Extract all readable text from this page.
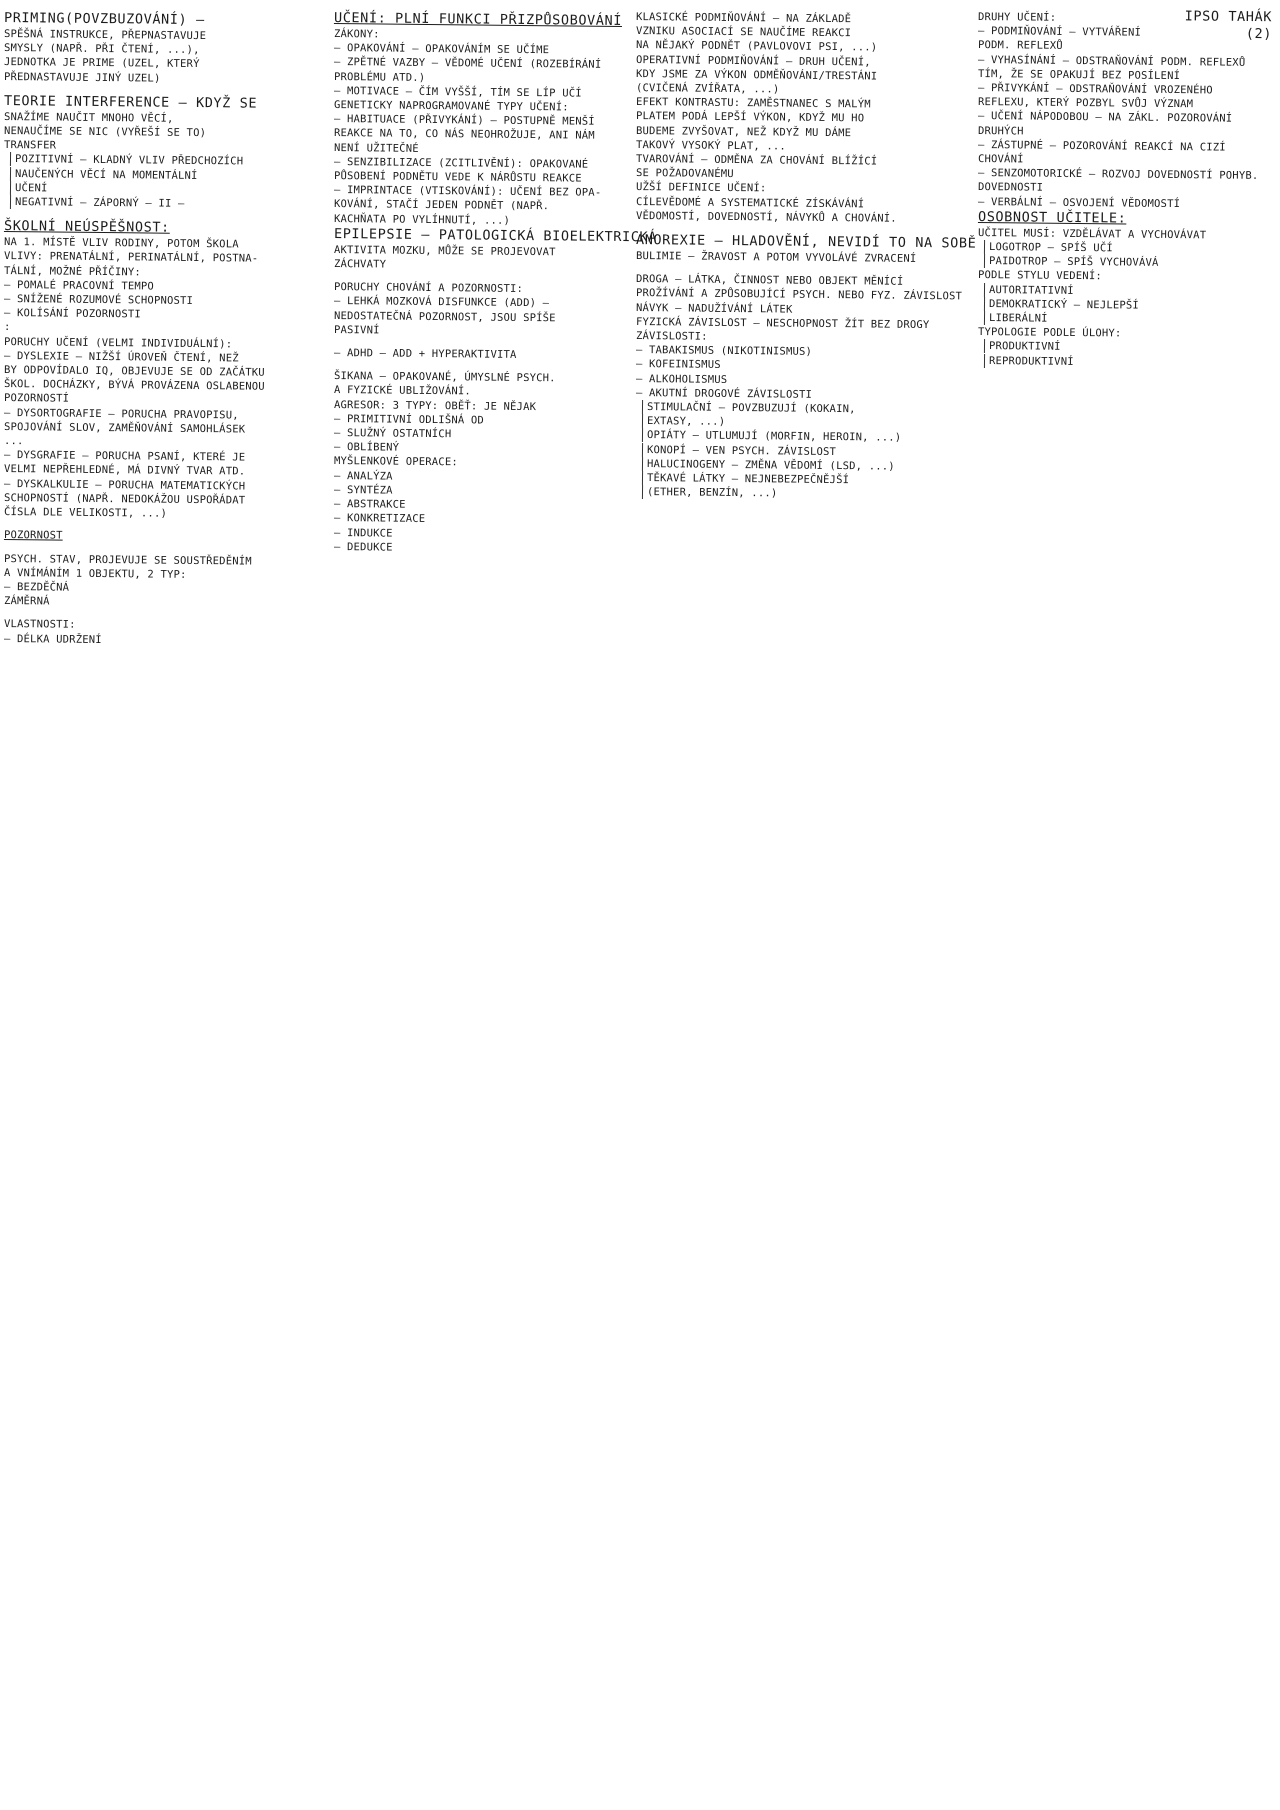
PRIMING(POVZBUZOVÁNÍ) –
SPĚŠNÁ INSTRUKCE, PŘEPNASTAVUJE
SMYSLY (NAPŘ. PŘI ČTENÍ, ...),
JEDNOTKA JE PRIME (UZEL, KTERÝ
PŘEDNASTAVUJE JINÝ UZEL)
TEORIE INTERFERENCE – KDYŽ SE
SNAŽÍME NAUČIT MNOHO VĚCÍ,
NENAUČÍME SE NIC (VYŘEŠÍ SE TO)
TRANSFER
POZITIVNÍ – KLADNÝ VLIV PŘEDCHOZÍCH
NAUČENÝCH VĚCÍ NA MOMENTÁLNÍ
UČENÍ
NEGATIVNÍ – ZÁPORNÝ – II –
ŠKOLNÍ NEÚSPĚŠNOST:
NA 1. MÍSTĚ VLIV RODINY, POTOM ŠKOLA
VLIVY: PRENATÁLNÍ, PERINATÁLNÍ, POSTNA-
TÁLNÍ, MOŽNÉ PŘÍČINY:
– POMALÉ PRACOVNÍ TEMPO
– SNÍŽENÉ ROZUMOVÉ SCHOPNOSTI
– KOLÍSÁNÍ POZORNOSTI
:
PORUCHY UČENÍ (VELMI INDIVIDUÁLNÍ):
– DYSLEXIE – NIŽŠÍ ÚROVEŇ ČTENÍ, NEŽ
BY ODPOVÍDALO IQ, OBJEVUJE SE OD ZAČÁTKU
ŠKOL. DOCHÁZKY, BÝVÁ PROVÁZENA OSLABENOU
POZORNOSTÍ
– DYSORTOGRAFIE – PORUCHA PRAVOPISU,
SPOJOVÁNÍ SLOV, ZAMĚŇOVÁNÍ SAMOHLÁSEK
...
– DYSGRAFIE – PORUCHA PSANÍ, KTERÉ JE
VELMI NEPŘEHLEDNÉ, MÁ DIVNÝ TVAR ATD.
– DYSKALKULIE – PORUCHA MATEMATICKÝCH
SCHOPNOSTÍ (NAPŘ. NEDOKÁŽOU USPOŘÁDAT
ČÍSLA DLE VELIKOSTI, ...)
POZORNOST
PSYCH. STAV, PROJEVUJE SE SOUSTŘEDĚNÍM
A VNÍMÁNÍM 1 OBJEKTU, 2 TYP:
– BEZDĚČNÁ
ZÁMĚRNÁ
VLASTNOSTI:
– DÉLKA UDRŽENÍ
UČENÍ: PLNÍ FUNKCI PŘIZPŮSOBOVÁNÍ
ZÁKONY:
– OPAKOVÁNÍ – OPAKOVÁNÍM SE UČÍME
– ZPĚTNÉ VAZBY – VĚDOMÉ UČENÍ (ROZEBÍRÁNÍ
PROBLÉMU ATD.)
– MOTIVACE – ČÍM VYŠŠÍ, TÍM SE LÍP UČÍ
GENETICKY NAPROGRAMOVANÉ TYPY UČENÍ:
– HABITUACE (PŘIVYKÁNÍ) – POSTUPNĚ MENŠÍ
REAKCE NA TO, CO NÁS NEOHROŽUJE, ANI NÁM
NENÍ UŽITEČNÉ
– SENZIBILIZACE (ZCITLIVĚNÍ): OPAKOVANÉ
PŮSOBENÍ PODNĚTU VEDE K NÁRŮSTU REAKCE
– IMPRINTACE (VTISKOVÁNÍ): UČENÍ BEZ OPA-
KOVÁNÍ, STAČÍ JEDEN PODNĚT (NAPŘ.
KACHŇATA PO VYLÍHNUTÍ, ...)
EPILEPSIE – PATOLOGICKÁ BIOELEKTRICKÁ
AKTIVITA MOZKU, MŮŽE SE PROJEVOVAT
ZÁCHVATY
PORUCHY CHOVÁNÍ A POZORNOSTI:
– LEHKÁ MOZKOVÁ DISFUNKCE (ADD) –
NEDOSTATEČNÁ POZORNOST, JSOU SPÍŠE
PASIVNÍ
– ADHD – ADD + HYPERAKTIVITA
ŠIKANA – OPAKOVANÉ, ÚMYSLNÉ PSYCH.
A FYZICKÉ UBLIŽOVÁNÍ.
AGRESOR: 3 TYPY: OBĚŤ: JE NĚJAK
– PRIMITIVNÍ ODLIŠNÁ OD
– SLUŽNÝ OSTATNÍCH
– OBLÍBENÝ
MYŠLENKOVÉ OPERACE:
– ANALÝZA
– SYNTÉZA
– ABSTRAKCE
– KONKRETIZACE
– INDUKCE
– DEDUKCE
KLASICKÉ PODMIŇOVÁNÍ – NA ZÁKLADĚ
VZNIKU ASOCIACÍ SE NAUČÍME REAKCI
NA NĚJAKÝ PODNĚT (PAVLOVOVI PSI, ...)
OPERATIVNÍ PODMIŇOVÁNÍ – DRUH UČENÍ,
KDY JSME ZA VÝKON ODMĚŇOVÁNI/TRESTÁNI
(CVIČENÁ ZVÍŘATA, ...)
EFEKT KONTRASTU: ZAMĚSTNANEC S MALÝM
PLATEM PODÁ LEPŠÍ VÝKON, KDYŽ MU HO
BUDEME ZVYŠOVAT, NEŽ KDYŽ MU DÁME
TAKOVÝ VYSOKÝ PLAT, ...
TVAROVÁNÍ – ODMĚNA ZA CHOVÁNÍ BLÍŽÍCÍ
SE POŽADOVANÉMU
UŽŠÍ DEFINICE UČENÍ:
CÍLEVĚDOMÉ A SYSTEMATICKÉ ZÍSKÁVÁNÍ
VĚDOMOSTÍ, DOVEDNOSTÍ, NÁVYKŮ A CHOVÁNÍ.
ANOREXIE – HLADOVĚNÍ, NEVIDÍ TO NA SOBĚ
BULIMIE – ŽRAVOST A POTOM VYVOLÁVÉ ZVRACENÍ
DROGA – LÁTKA, ČINNOST NEBO OBJEKT MĚNÍCÍ
PROŽÍVÁNÍ A ZPŮSOBUJÍCÍ PSYCH. NEBO FYZ. ZÁVISLOST
NÁVYK – NADUŽÍVÁNÍ LÁTEK
FYZICKÁ ZÁVISLOST – NESCHOPNOST ŽÍT BEZ DROGY
ZÁVISLOSTI:
– TABAKISMUS (NIKOTINISMUS)
– KOFEINISMUS
– ALKOHOLISMUS
– AKUTNÍ DROGOVÉ ZÁVISLOSTI
STIMULAČNÍ – POVZBUZUJÍ (KOKAIN,
EXTASY, ...)
OPIÁTY – UTLUMUJÍ (MORFIN, HEROIN, ...)
KONOPÍ – VEN PSYCH. ZÁVISLOST
HALUCINOGENY – ZMĚNA VĚDOMÍ (LSD, ...)
TĚKAVÉ LÁTKY – NEJNEBEZPEČNĚJŠÍ
(ETHER, BENZÍN, ...)
DRUHY UČENÍ:
– PODMIŇOVÁNÍ – VYTVÁŘENÍ
PODM. REFLEXŮ
– VYHASÍNÁNÍ – ODSTRAŇOVÁNÍ PODM. REFLEXŮ
TÍM, ŽE SE OPAKUJÍ BEZ POSÍLENÍ
– PŘIVYKÁNÍ – ODSTRAŇOVÁNÍ VROZENÉHO
REFLEXU, KTERÝ POZBYL SVŮJ VÝZNAM
– UČENÍ NÁPODOBOU – NA ZÁKL. POZOROVÁNÍ
DRUHÝCH
– ZÁSTUPNÉ – POZOROVÁNÍ REAKCÍ NA CIZÍ
CHOVÁNÍ
– SENZOMOTORICKÉ – ROZVOJ DOVEDNOSTÍ POHYB.
DOVEDNOSTI
– VERBÁLNÍ – OSVOJENÍ VĚDOMOSTÍ
OSOBNOST UČITELE:
UČITEL MUSÍ: VZDĚLÁVAT A VYCHOVÁVAT
LOGOTROP – SPÍŠ UČÍ
PAIDOTROP – SPÍŠ VYCHOVÁVÁ
PODLE STYLU VEDENÍ:
AUTORITATIVNÍ
DEMOKRATICKÝ – NEJLEPŠÍ
LIBERÁLNÍ
TYPOLOGIE PODLE ÚLOHY:
PRODUKTIVNÍ
REPRODUKTIVNÍ
IPSO TAHÁK
(2)
